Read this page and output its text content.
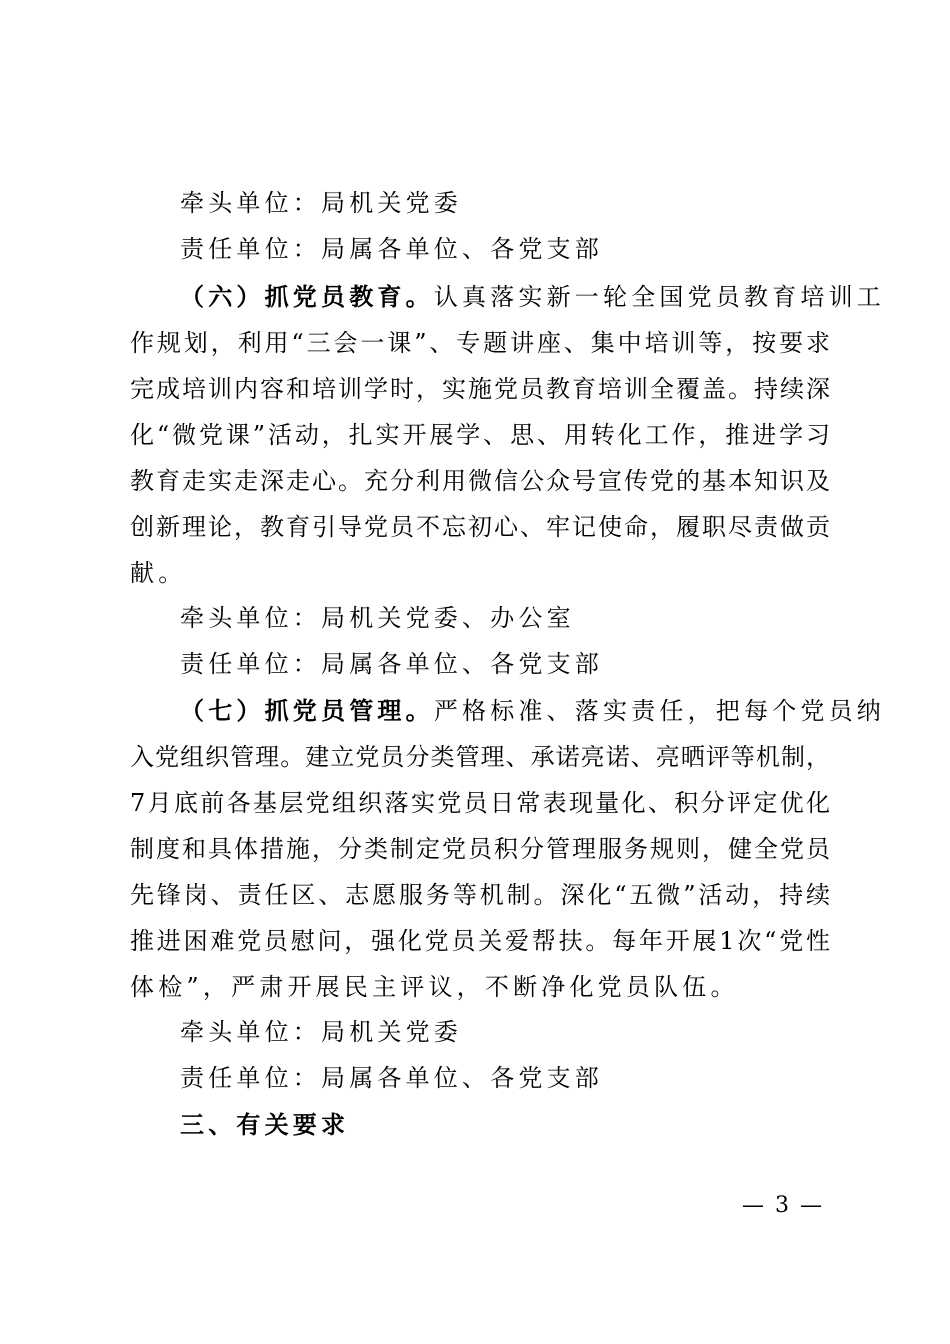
牵头单位：局机关党委
责任单位：局属各单位、各党支部
（六）抓党员教育。认真落实新一轮全国党员教育培训工
作规划，利用“三会一课”、专题讲座、集中培训等，按要求
完成培训内容和培训学时，实施党员教育培训全覆盖。持续深
化“微党课”活动，扎实开展学、思、用转化工作，推进学习
教育走实走深走心。充分利用微信公众号宣传党的基本知识及
创新理论，教育引导党员不忘初心、牢记使命，履职尽责做贡
献。
牵头单位：局机关党委、办公室
责任单位：局属各单位、各党支部
（七）抓党员管理。严格标准、落实责任，把每个党员纳
入党组织管理。建立党员分类管理、承诺亮诺、亮晒评等机制，
7月底前各基层党组织落实党员日常表现量化、积分评定优化
制度和具体措施，分类制定党员积分管理服务规则，健全党员
先锋岗、责任区、志愿服务等机制。深化“五微”活动，持续
推进困难党员慰问，强化党员关爱帮扶。每年开展1次“党性
体检”，严肃开展民主评议，不断净化党员队伍。
牵头单位：局机关党委
责任单位：局属各单位、各党支部
三、有关要求
— 3 —
